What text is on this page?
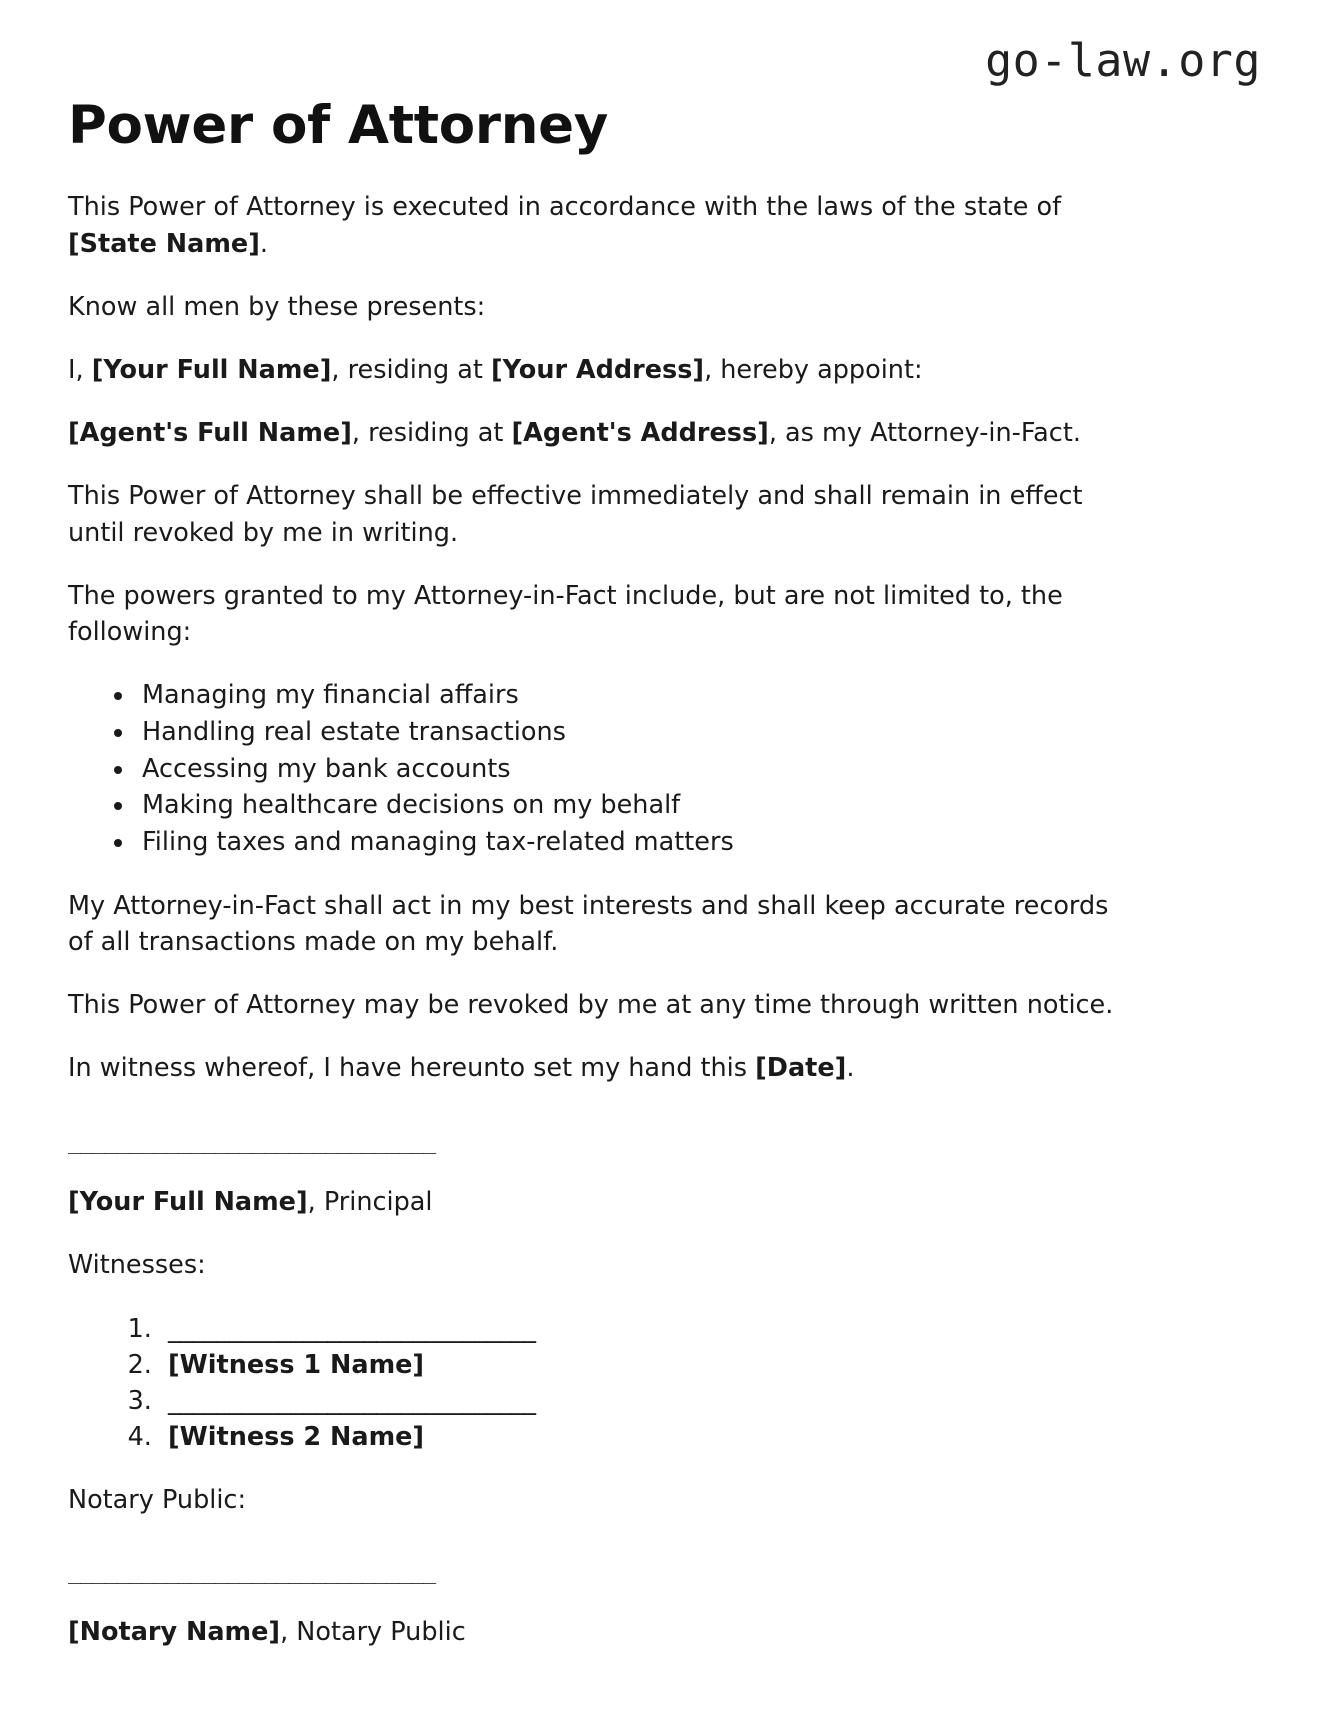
go-law.org
Power of Attorney

This Power of Attorney is executed in accordance with the laws of the state of [State Name].

Know all men by these presents:

I, [Your Full Name], residing at [Your Address], hereby appoint:

[Agent's Full Name], residing at [Agent's Address], as my Attorney-in-Fact.

This Power of Attorney shall be effective immediately and shall remain in effect until revoked by me in writing.

The powers granted to my Attorney-in-Fact include, but are not limited to, the following:

• Managing my financial affairs
• Handling real estate transactions
• Accessing my bank accounts
• Making healthcare decisions on my behalf
• Filing taxes and managing tax-related matters

My Attorney-in-Fact shall act in my best interests and shall keep accurate records of all transactions made on my behalf.

This Power of Attorney may be revoked by me at any time through written notice.

In witness whereof, I have hereunto set my hand this [Date].

______________________________

[Your Full Name], Principal

Witnesses:

1. ______________________________
2. [Witness 1 Name]
3. ______________________________
4. [Witness 2 Name]

Notary Public:

______________________________

[Notary Name], Notary Public
